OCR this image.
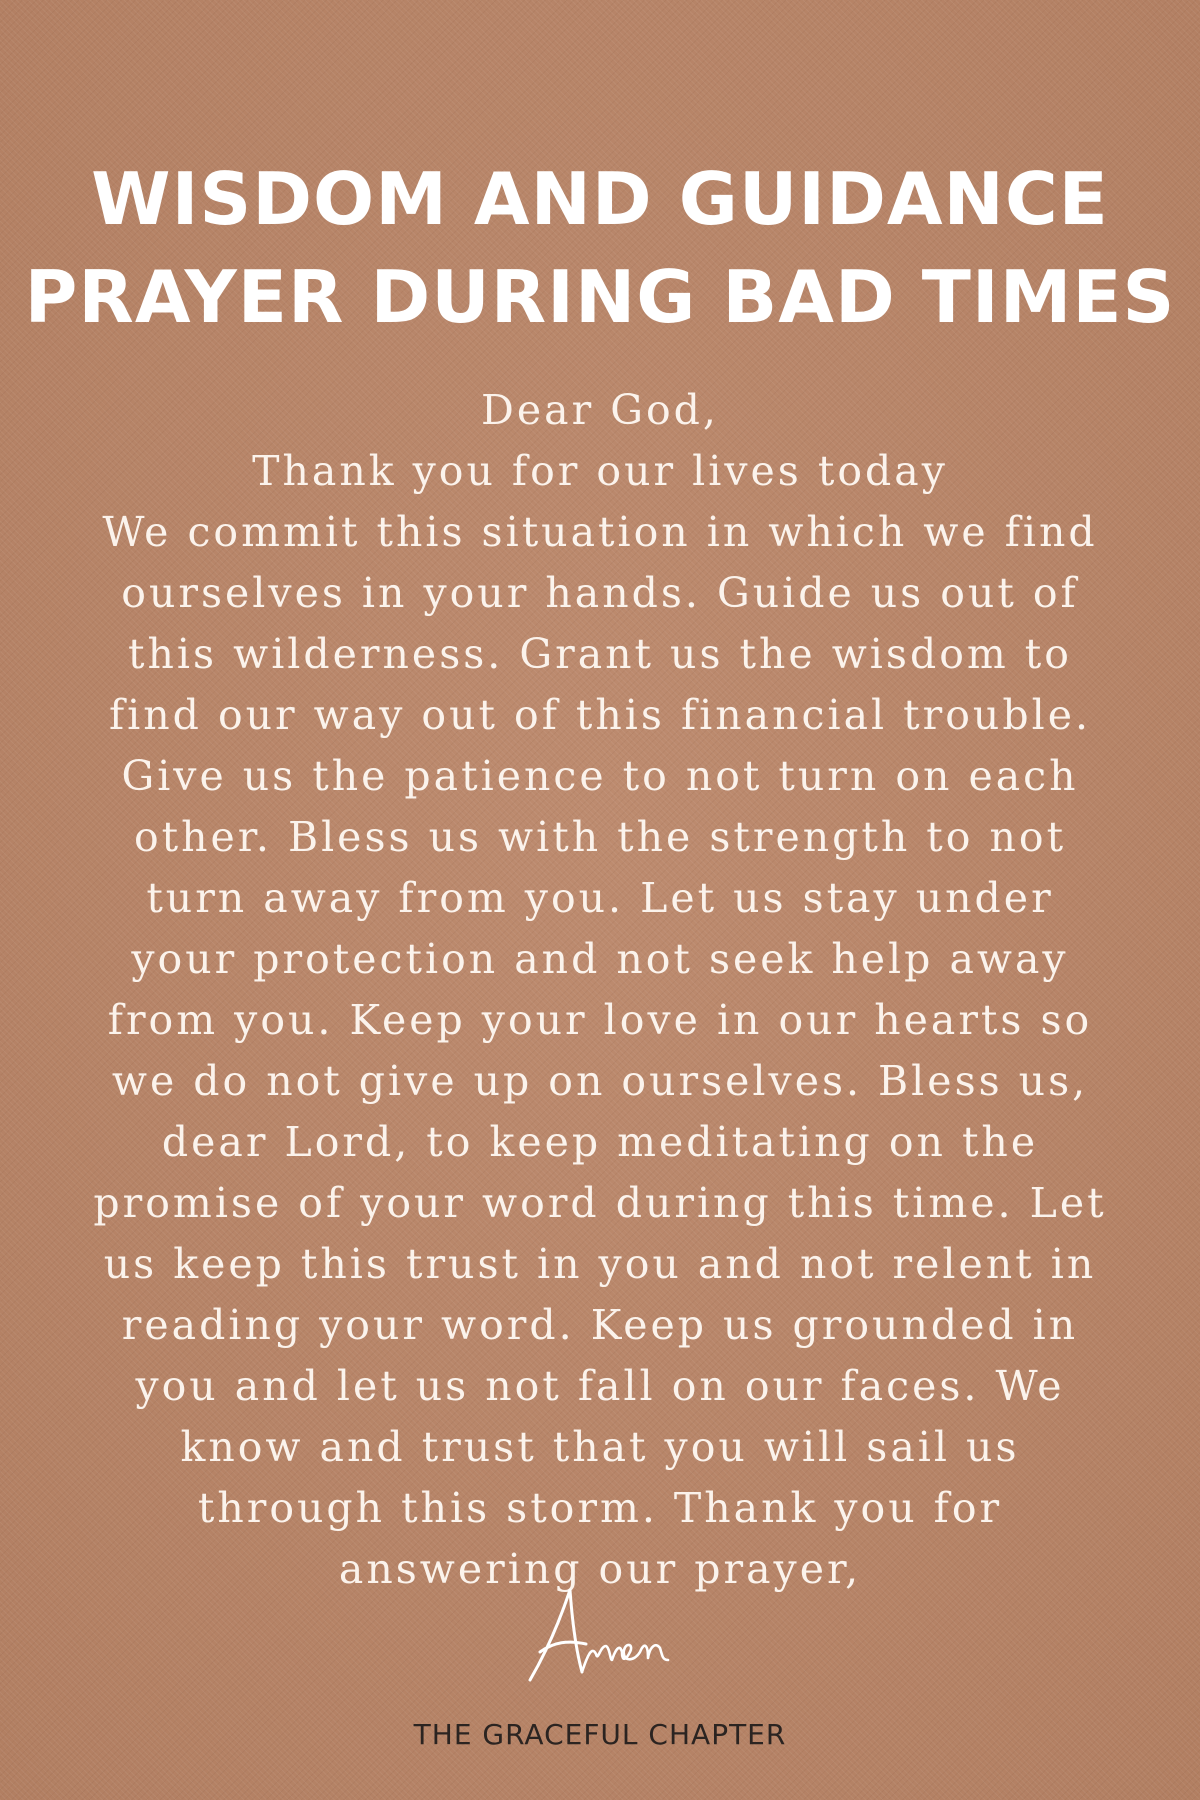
WISDOM AND GUIDANCE
PRAYER DURING BAD TIMES
Dear God,
Thank you for our lives today
We commit this situation in which we find
ourselves in your hands. Guide us out of
this wilderness. Grant us the wisdom to
find our way out of this financial trouble.
Give us the patience to not turn on each
other. Bless us with the strength to not
turn away from you. Let us stay under
your protection and not seek help away
from you. Keep your love in our hearts so
we do not give up on ourselves. Bless us,
dear Lord, to keep meditating on the
promise of your word during this time. Let
us keep this trust in you and not relent in
reading your word. Keep us grounded in
you and let us not fall on our faces. We
know and trust that you will sail us
through this storm. Thank you for
answering our prayer,
THE GRACEFUL CHAPTER
